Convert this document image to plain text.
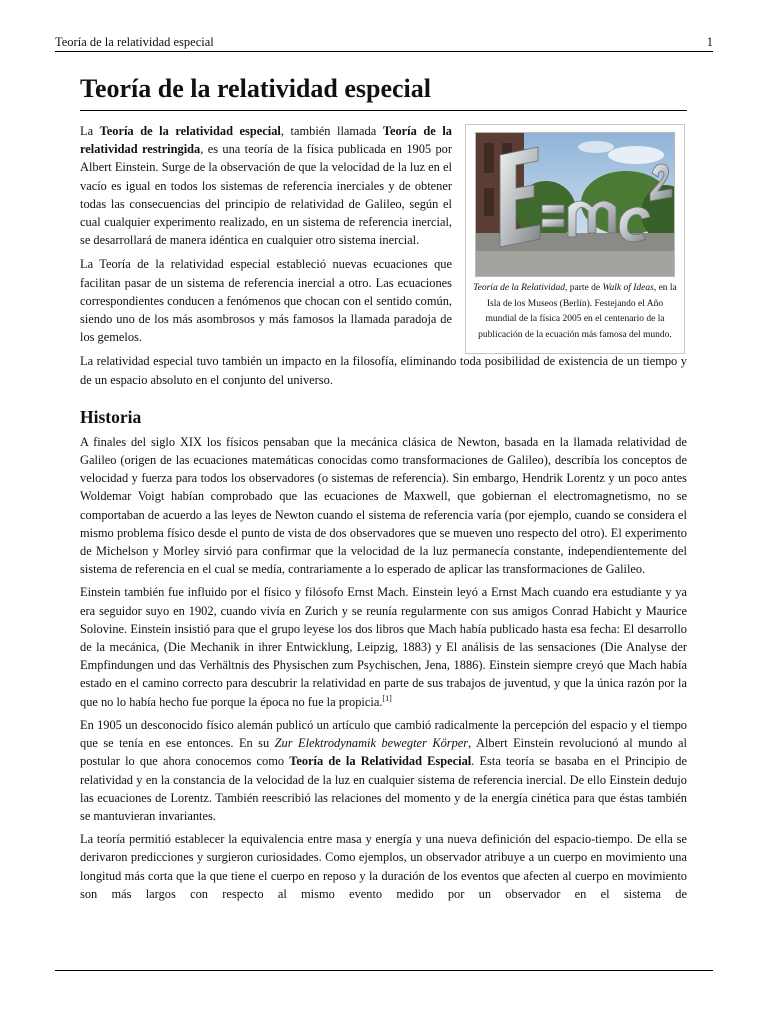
Teoría de la relatividad especial	1
Teoría de la relatividad especial

La Teoría de la relatividad especial, también llamada Teoría de la relatividad restringida, es una teoría de la física publicada en 1905 por Albert Einstein. Surge de la observación de que la velocidad de la luz en el vacío es igual en todos los sistemas de referencia inerciales y de obtener todas las consecuencias del principio de relatividad de Galileo, según el cual cualquier experimento realizado, en un sistema de referencia inercial, se desarrollará de manera idéntica en cualquier otro sistema inercial.

La Teoría de la relatividad especial estableció nuevas ecuaciones que facilitan pasar de un sistema de referencia inercial a otro. Las ecuaciones correspondientes conducen a fenómenos que chocan con el sentido común, siendo uno de los más asombrosos y más famosos la llamada paradoja de los gemelos.

Teoría de la Relatividad, parte de Walk of Ideas, en la Isla de los Museos (Berlín). Festejando el Año mundial de la física 2005 en el centenario de la publicación de la ecuación más famosa del mundo.

La relatividad especial tuvo también un impacto en la filosofía, eliminando toda posibilidad de existencia de un tiempo y de un espacio absoluto en el conjunto del universo.

Historia

A finales del siglo XIX los físicos pensaban que la mecánica clásica de Newton, basada en la llamada relatividad de Galileo (origen de las ecuaciones matemáticas conocidas como transformaciones de Galileo), describía los conceptos de velocidad y fuerza para todos los observadores (o sistemas de referencia). Sin embargo, Hendrik Lorentz y un poco antes Woldemar Voigt habían comprobado que las ecuaciones de Maxwell, que gobiernan el electromagnetismo, no se comportaban de acuerdo a las leyes de Newton cuando el sistema de referencia varía (por ejemplo, cuando se considera el mismo problema físico desde el punto de vista de dos observadores que se mueven uno respecto del otro). El experimento de Michelson y Morley sirvió para confirmar que la velocidad de la luz permanecía constante, independientemente del sistema de referencia en el cual se medía, contrariamente a lo esperado de aplicar las transformaciones de Galileo.

Einstein también fue influido por el físico y filósofo Ernst Mach. Einstein leyó a Ernst Mach cuando era estudiante y ya era seguidor suyo en 1902, cuando vivía en Zurich y se reunía regularmente con sus amigos Conrad Habicht y Maurice Solovine. Einstein insistió para que el grupo leyese los dos libros que Mach había publicado hasta esa fecha: El desarrollo de la mecánica, (Die Mechanik in ihrer Entwicklung, Leipzig, 1883) y El análisis de las sensaciones (Die Analyse der Empfindungen und das Verhältnis des Physischen zum Psychischen, Jena, 1886). Einstein siempre creyó que Mach había estado en el camino correcto para descubrir la relatividad en parte de sus trabajos de juventud, y que la única razón por la que no lo había hecho fue porque la época no fue la propicia.[1]

En 1905 un desconocido físico alemán publicó un artículo que cambió radicalmente la percepción del espacio y el tiempo que se tenía en ese entonces. En su Zur Elektrodynamik bewegter Körper, Albert Einstein revolucionó al mundo al postular lo que ahora conocemos como Teoría de la Relatividad Especial. Esta teoría se basaba en el Principio de relatividad y en la constancia de la velocidad de la luz en cualquier sistema de referencia inercial. De ello Einstein dedujo las ecuaciones de Lorentz. También reescribió las relaciones del momento y de la energía cinética para que éstas también se mantuvieran invariantes.

La teoría permitió establecer la equivalencia entre masa y energía y una nueva definición del espacio-tiempo. De ella se derivaron predicciones y surgieron curiosidades. Como ejemplos, un observador atribuye a un cuerpo en movimiento una longitud más corta que la que tiene el cuerpo en reposo y la duración de los eventos que afecten al cuerpo en movimiento son más largos con respecto al mismo evento medido por un observador en el sistema de
